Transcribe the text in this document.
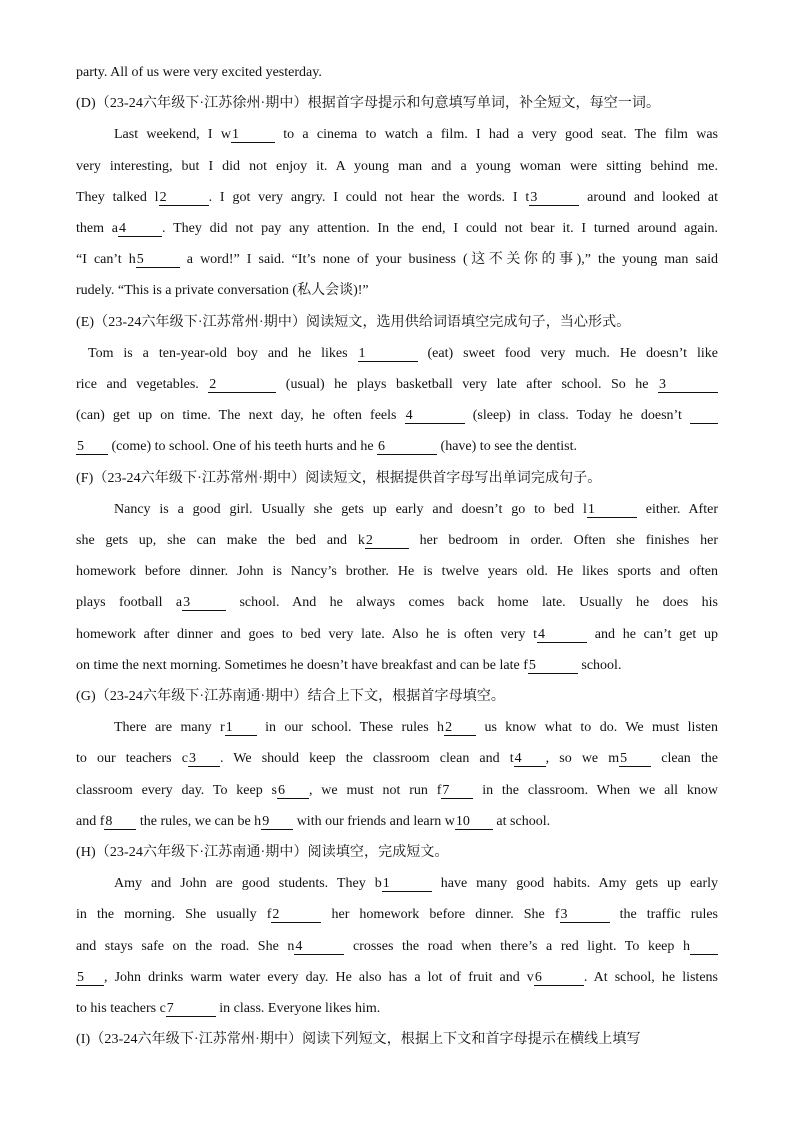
party. All of us were very excited yesterday.

(D)（23-24六年级下·江苏徐州·期中）根据首字母提示和句意填写单词，补全短文，每空一词。

Last weekend, I w1	to a cinema to watch a film. I had a very good seat. The film was

very interesting, but I did not enjoy it. A young man and a young woman were sitting behind me.

They talked l2	. I got very angry. I could not hear the words. I t3	around and looked at

them a4	. They did not pay any attention. In the end, I could not bear it. I turned around again.

“I can’t h5	a word!” I said. “It’s none of your business (这不关你的事),” the young man said

rudely. “This is a private conversation (私人会谈)!”

(E)（23-24六年级下·江苏常州·期中）阅读短文，选用供给词语填空完成句子，当心形式。

Tom is a ten-year-old boy and he likes 1	(eat) sweet food very much. He doesn’t like

rice and vegetables. 2	(usual) he plays basketball very late after school. So he 3

(can) get up on time. The next day, he often feels 4	(sleep) in class. Today he doesn’t

5 (come) to school. One of his teeth hurts and he 6	(have) to see the dentist.

(F)（23-24六年级下·江苏常州·期中）阅读短文，根据提供首字母写出单词完成句子。

Nancy is a good girl. Usually she gets up early and doesn’t go to bed l1	either. After

she gets up, she can make the bed and k2	her bedroom in order. Often she finishes her

homework before dinner. John is Nancy’s brother. He is twelve years old. He likes sports and often

plays football a3	school. And he always comes back home late. Usually he does his

homework after dinner and goes to bed very late. Also he is often very t4	and he can’t get up

on time the next morning. Sometimes he doesn’t have breakfast and can be late f5	school.

(G)（23-24六年级下·江苏南通·期中）结合上下文，根据首字母填空。

There are many r1 in our school. These rules h2 us know what to do. We must listen

to our teachers c3 . We should keep the classroom clean and t4 , so we m5 clean the

classroom every day. To keep s6 , we must not run f7 in the classroom. When we all know

and f8 the rules, we can be h9 with our friends and learn w10 at school.

(H)（23-24六年级下·江苏南通·期中）阅读填空，完成短文。

Amy and John are good students. They b1	have many good habits. Amy gets up early

in the morning. She usually f2	her homework before dinner. She f3	the traffic rules

and stays safe on the road. She n4	crosses the road when there’s a red light. To keep h

5 , John drinks warm water every day. He also has a lot of fruit and v6	. At school, he listens

to his teachers c7	in class. Everyone likes him.

(I)（23-24六年级下·江苏常州·期中）阅读下列短文，根据上下文和首字母提示在横线上填写
